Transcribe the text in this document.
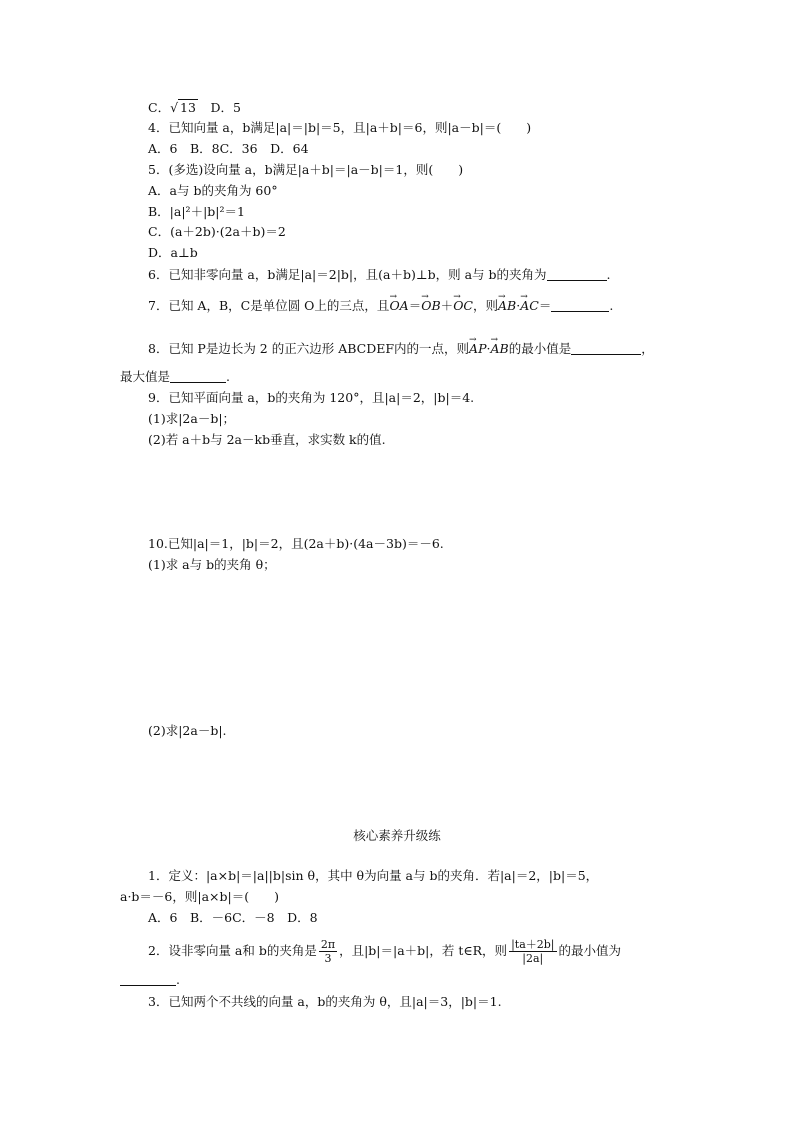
C．√ 13　D．5
4．已知向量 a，b满足|a|＝|b|＝5，且|a＋b|＝6，则|a－b|＝(　　)
A．6　B．8C．36　D．64
5．(多选)设向量 a，b满足|a＋b|＝|a－b|＝1，则(　　)
A．a与 b的夹角为 60°
B．|a|²＋|b|²＝1
C．(a＋2b)·(2a＋b)＝2
D．a⊥b
6．已知非零向量 a，b满足|a|＝2|b|，且(a＋b)⊥b，则 a与 b的夹角为	.
7．已知 A，B，C是单位圆 O上的三点，且→ OA＝→ OB＋→ OC，则→ AB·→ AC＝	.
8．已知 P是边长为 2 的正六边形 ABCDEF内的一点，则→ AP·→ AB的最小值是	，
最大值是	.
9．已知平面向量 a，b的夹角为 120°，且|a|＝2，|b|＝4.
(1)求|2a－b|；
(2)若 a＋b与 2a－kb垂直，求实数 k的值.
10.已知|a|＝1，|b|＝2，且(2a＋b)·(4a－3b)＝－6.
(1)求 a与 b的夹角 θ；
(2)求|2a－b|.
核心素养升级练
1．定义：|a×b|＝|a||b|sin θ，其中 θ为向量 a与 b的夹角．若|a|＝2，|b|＝5，
a·b＝－6，则|a×b|＝(　　)
A．6　B．－6C．－8　D．8
2．设非零向量 a和 b的夹角是 $\frac{2\pi}{3}$ ，且|b|＝|a＋b|，若 t∈R，则 $\frac{|ta+2b|}{|2a|}$ 的最小值为
.
3．已知两个不共线的向量 a，b的夹角为 θ，且|a|＝3，|b|＝1.
